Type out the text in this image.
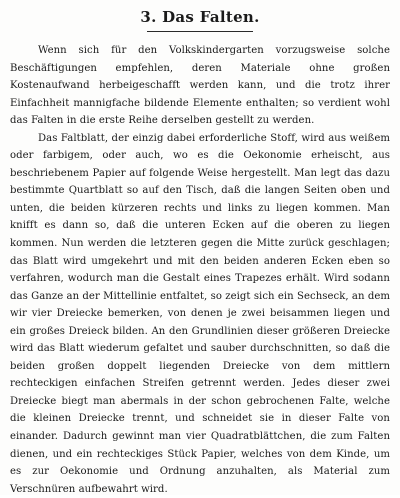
3. Das Falten.

Wenn sich für den Volkskindergarten vorzugsweise solche Beschäftigungen empfehlen, deren Materiale ohne großen Kostenaufwand herbeigeschafft werden kann, und die trotz ihrer Einfachheit mannigfache bildende Elemente enthalten; so verdient wohl das Falten in die erste Reihe derselben gestellt zu werden.

Das Faltblatt, der einzig dabei erforderliche Stoff, wird aus weißem oder farbigem, oder auch, wo es die Oekonomie erheischt, aus beschriebenem Papier auf folgende Weise hergestellt. Man legt das dazu bestimmte Quartblatt so auf den Tisch, daß die langen Seiten oben und unten, die beiden kürzeren rechts und links zu liegen kommen. Man knifft es dann so, daß die unteren Ecken auf die oberen zu liegen kommen. Nun werden die letzteren gegen die Mitte zurück geschlagen; das Blatt wird umgekehrt und mit den beiden anderen Ecken eben so verfahren, wodurch man die Gestalt eines Trapezes erhält. Wird sodann das Ganze an der Mittellinie entfaltet, so zeigt sich ein Sechseck, an dem wir vier Dreiecke bemerken, von denen je zwei beisammen liegen und ein großes Dreieck bilden. An den Grundlinien dieser größeren Dreiecke wird das Blatt wiederum gefaltet und sauber durchschnitten, so daß die beiden großen doppelt liegenden Dreiecke von dem mittlern rechteckigen einfachen Streifen getrennt werden. Jedes dieser zwei Dreiecke biegt man abermals in der schon gebrochenen Falte, welche die kleinen Dreiecke trennt, und schneidet sie in dieser Falte von einander. Dadurch gewinnt man vier Quadratblättchen, die zum Falten dienen, und ein rechteckiges Stück Papier, welches von dem Kinde, um es zur Oekonomie und Ordnung anzuhalten, als Material zum Verschnüren aufbewahrt wird.
